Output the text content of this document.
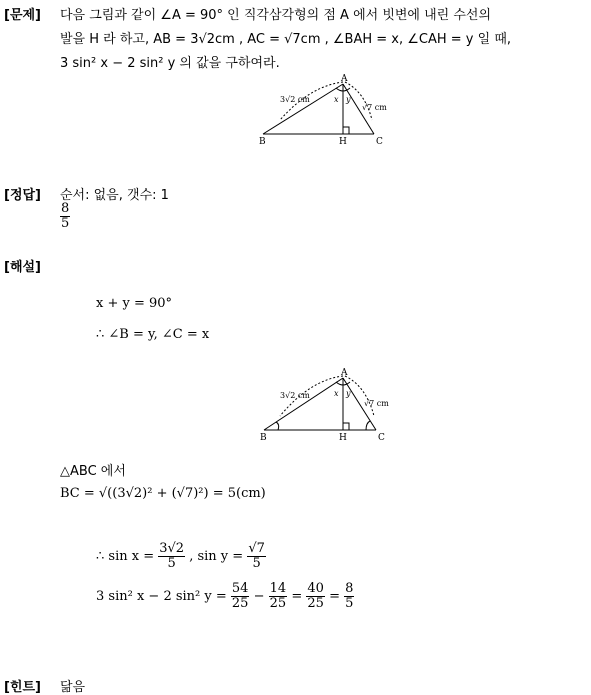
[문제] 다음 그림과 같이 ∠A = 90° 인 직각삼각형의 점 A 에서 빗변에 내린 수선의
발을 H 라 하고, AB = 3√2cm , AC = √7cm , ∠BAH = x, ∠CAH = y 일 때,
3 sin² x − 2 sin² y 의 값을 구하여라.
A
B	C
H
3√2 cm
√7 cm
x y
[정답] 순서: 없음, 갯수: 1
$\frac{8}{5}$
[해설]
x + y = 90°
∴ ∠B = y, ∠C = x
A
B	C
H
3√2 cm
√7 cm
x y
△ABC 에서
BC = √((3√2)² + (√7)²) = 5(cm)
∴ $\sin x = \frac{3√2}{5}$ , $\sin y = \frac{√7}{5}$
3 sin² x − 2 sin² $y = \frac{54}{25} - \frac{14}{25} = \frac{40}{25} = \frac{8}{5}$
[힌트] 닮음
